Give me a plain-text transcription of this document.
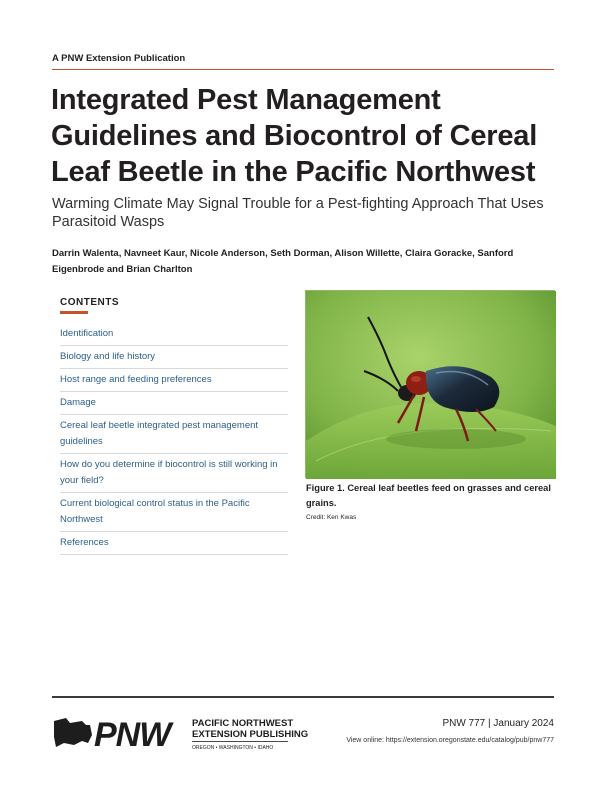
A PNW Extension Publication
Integrated Pest Management Guidelines and Biocontrol of Cereal Leaf Beetle in the Pacific Northwest

Warming Climate May Signal Trouble for a Pest-fighting Approach That Uses Parasitoid Wasps

Darrin Walenta, Navneet Kaur, Nicole Anderson, Seth Dorman, Alison Willette, Claira Goracke, Sanford Eigenbrode and Brian Charlton

CONTENTS
Identification
Biology and life history
Host range and feeding preferences
Damage
Cereal leaf beetle integrated pest management guidelines
How do you determine if biocontrol is still working in your field?
Current biological control status in the Pacific Northwest
References

Figure 1. Cereal leaf beetles feed on grasses and cereal grains.

Credit: Ken Kwas
PNW	PACIFIC NORTHWEST
EXTENSION PUBLISHING
OREGON • WASHINGTON • IDAHO
PNW 777 | January 2024
View online: https://extension.oregonstate.edu/catalog/pub/pnw777
